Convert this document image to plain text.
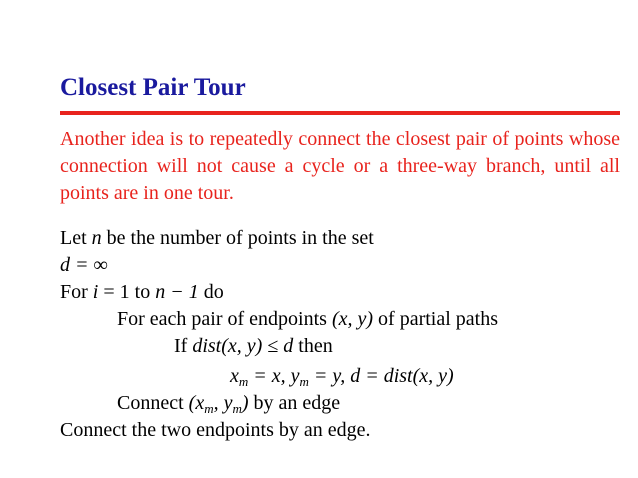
Closest Pair Tour
Another idea is to repeatedly connect the closest pair of points whose connection will not cause a cycle or a three-way branch, until all points are in one tour.
Let n be the number of points in the set
d = ∞
For i = 1 to n − 1 do
For each pair of endpoints (x, y) of partial paths
If dist(x, y) ≤ d then
$x_m = x$, $y_m = y$, d = dist(x, y)
Connect ($x_m$, $y_m$) by an edge
Connect the two endpoints by an edge.
